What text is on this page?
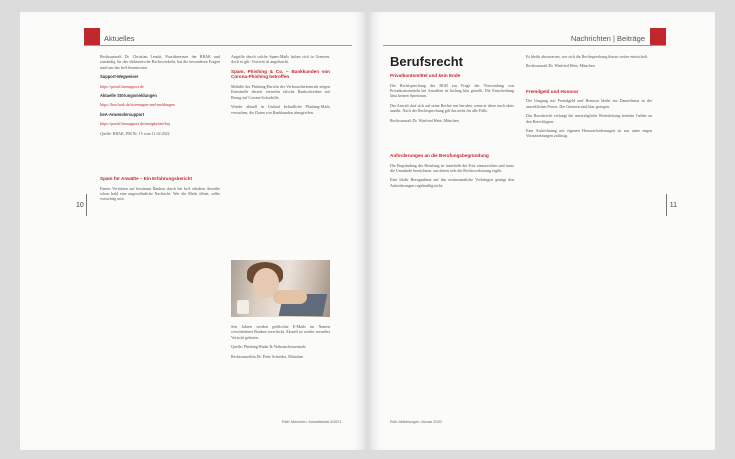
Aktuelles
10

Rechtsanwalt Dr. Christian Lenski, Praxisbetreuer der RRAK und zuständig für das elektronische Rechtsverkehr, hat die besonderen Fragen rund um das beA beantwortet.

Support-Wegweiser

https://portal.beasupport.de

Aktuelle Störungsmeldungen

https://bea.brak.de/stoerungen-und-meldungen

beA-Anwendersupport

https://portal.beasupport.de/neuigkeiten/faq

Quelle: BRAK, PM Nr. 15 vom 11.02.2022

Spam für Anwälte – Ein Erfahrungsbericht

Einem Verfahren auf bestimmt Banken durch bei beA erhalten Anwälte schon bald eine ungewöhnliche Nachricht. Wer die Mails öffnet, sollte vorsichtig sein.

Angriffe durch solche Spam-Mails halten sich in Grenzen, doch es gilt: Vorsicht ist angebracht.

Spam, Phishing & Co. – Bankkunden von Corona-Phishing betroffen

Mithilfe der Phishing-Bericht der Verbraucherzentrale zeigen Kriminelle derzeit vermehrt falsche Bankschreiben mit Bezug auf Corona-Soforthilfe.

Wieder aktuell in Umlauf befindliche Phishing-Mails versuchen, die Daten von Bankkunden abzugreifen.

Seit Jahren werden gefälschte E-Mails im Namen verschiedener Banken verschickt. Aktuell ist wieder vermehrt Vorsicht geboten.

Quelle: Phishing-Radar & Verbraucherzentrale

Rechtsanwältin Dr. Peter Schröder, München

RAK München: Anwaltsblatt 4/2021
Nachrichten | Beiträge
11

Berufsrecht

Privatkontomittel und kein Ende

Die Rechtsprechung des BGH zur Frage der Verwendung von Privatkontomitteln bei Anwälten ist bislang klar gestellt. Die Entscheidung lässt keinen Spielraum.

Der Anwalt darf sich auf seine Rechte nur berufen, wenn er diese auch aktiv ausübt. Nach der Rechtsprechung gilt das nicht für alle Fälle.

Rechtsanwalt Dr. Winfried Hein, München

Anforderungen an die Berufungsbegründung

Die Begründung der Berufung ist innerhalb der Frist einzureichen und muss die Umstände bezeichnen, aus denen sich die Rechtsverletzung ergibt.

Eine bloße Bezugnahme auf das erstinstanzliche Vorbringen genügt den Anforderungen regelmäßig nicht.

Es bleibt abzuwarten, wie sich die Rechtsprechung hierzu weiter entwickelt.

Rechtsanwalt Dr. Winfried Hein, München

Fremdgeld und Honorar

Der Umgang mit Fremdgeld und Honorar bleibt ein Dauerthema in der anwaltlichen Praxis. Die Grenzen sind klar gezogen.

Das Berufsrecht verlangt die unverzügliche Weiterleitung fremder Gelder an den Berechtigten.

Eine Aufrechnung mit eigenen Honorarforderungen ist nur unter engen Voraussetzungen zulässig.

RAK-Mitteilungen Januar 2020
